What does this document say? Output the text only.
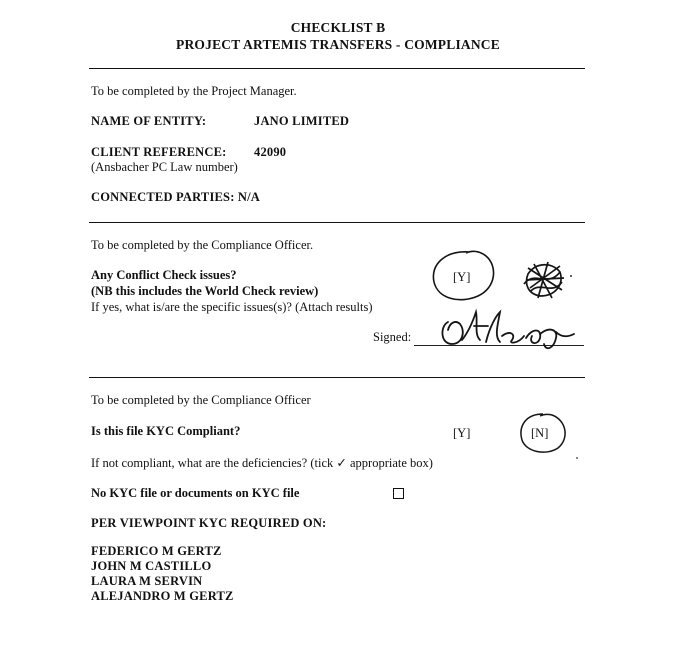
CHECKLIST B
PROJECT ARTEMIS TRANSFERS - COMPLIANCE
To be completed by the Project Manager.
NAME OF ENTITY:	JANO LIMITED
CLIENT REFERENCE: 42090
(Ansbacher PC Law number)
CONNECTED PARTIES: N/A
To be completed by the Compliance Officer.
Any Conflict Check issues?
(NB this includes the World Check review)
If yes, what is/are the specific issues(s)? (Attach results)
[Y]
Signed:
To be completed by the Compliance Officer
Is this file KYC Compliant?	[Y]	[N]
If not compliant, what are the deficiencies? (tick ✓ appropriate box)
No KYC file or documents on KYC file
PER VIEWPOINT KYC REQUIRED ON:
FEDERICO M GERTZ
JOHN M CASTILLO
LAURA M SERVIN
ALEJANDRO M GERTZ
